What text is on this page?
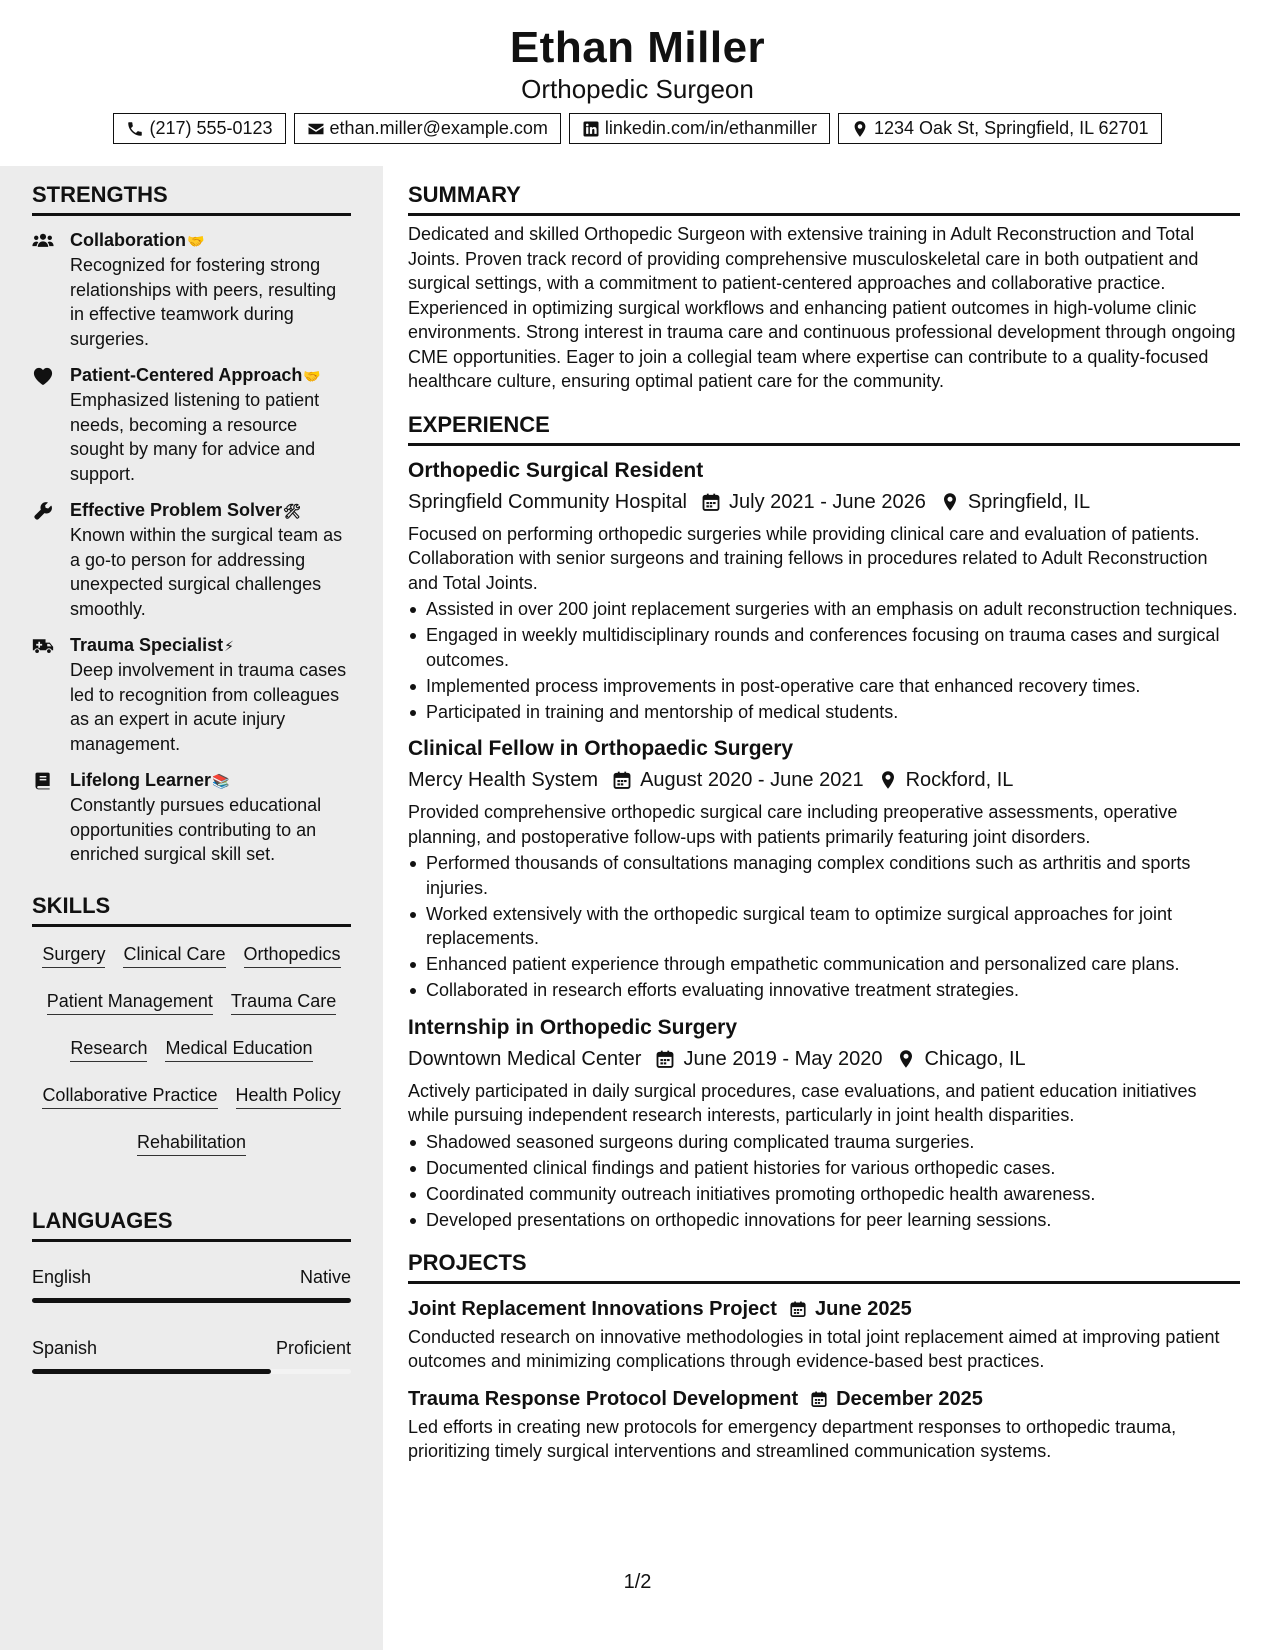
Ethan Miller
Orthopedic Surgeon
(217) 555-0123	ethan.miller@example.com	linkedin.com/in/ethanmiller	1234 Oak St, Springfield, IL 62701
STRENGTHS
Collaboration🤝
Recognized for fostering strong relationships with peers, resulting in effective teamwork during surgeries.
Patient-Centered Approach🤝
Emphasized listening to patient needs, becoming a resource sought by many for advice and support.
Effective Problem Solver🛠
Known within the surgical team as a go-to person for addressing unexpected surgical challenges smoothly.
Trauma Specialist⚡
Deep involvement in trauma cases led to recognition from colleagues as an expert in acute injury management.
Lifelong Learner📚
Constantly pursues educational opportunities contributing to an enriched surgical skill set.
SKILLS
Surgery Clinical Care Orthopedics
Patient Management Trauma Care
Research Medical Education
Collaborative Practice Health Policy
Rehabilitation
LANGUAGES
English	Native
Spanish	Proficient
SUMMARY
Dedicated and skilled Orthopedic Surgeon with extensive training in Adult Reconstruction and Total Joints. Proven track record of providing comprehensive musculoskeletal care in both outpatient and surgical settings, with a commitment to patient-centered approaches and collaborative practice. Experienced in optimizing surgical workflows and enhancing patient outcomes in high-volume clinic environments. Strong interest in trauma care and continuous professional development through ongoing CME opportunities. Eager to join a collegial team where expertise can contribute to a quality-focused healthcare culture, ensuring optimal patient care for the community.
EXPERIENCE
Orthopedic Surgical Resident
Springfield Community Hospital July 2021 - June 2026 Springfield, IL
Focused on performing orthopedic surgeries while providing clinical care and evaluation of patients. Collaboration with senior surgeons and training fellows in procedures related to Adult Reconstruction and Total Joints.
Assisted in over 200 joint replacement surgeries with an emphasis on adult reconstruction techniques.
Engaged in weekly multidisciplinary rounds and conferences focusing on trauma cases and surgical outcomes.
Implemented process improvements in post-operative care that enhanced recovery times.
Participated in training and mentorship of medical students.
Clinical Fellow in Orthopaedic Surgery
Mercy Health System August 2020 - June 2021 Rockford, IL
Provided comprehensive orthopedic surgical care including preoperative assessments, operative planning, and postoperative follow-ups with patients primarily featuring joint disorders.
Performed thousands of consultations managing complex conditions such as arthritis and sports injuries.
Worked extensively with the orthopedic surgical team to optimize surgical approaches for joint replacements.
Enhanced patient experience through empathetic communication and personalized care plans.
Collaborated in research efforts evaluating innovative treatment strategies.
Internship in Orthopedic Surgery
Downtown Medical Center June 2019 - May 2020 Chicago, IL
Actively participated in daily surgical procedures, case evaluations, and patient education initiatives while pursuing independent research interests, particularly in joint health disparities.
Shadowed seasoned surgeons during complicated trauma surgeries.
Documented clinical findings and patient histories for various orthopedic cases.
Coordinated community outreach initiatives promoting orthopedic health awareness.
Developed presentations on orthopedic innovations for peer learning sessions.
PROJECTS
Joint Replacement Innovations Project June 2025
Conducted research on innovative methodologies in total joint replacement aimed at improving patient outcomes and minimizing complications through evidence-based best practices.
Trauma Response Protocol Development December 2025
Led efforts in creating new protocols for emergency department responses to orthopedic trauma, prioritizing timely surgical interventions and streamlined communication systems.
1/2
